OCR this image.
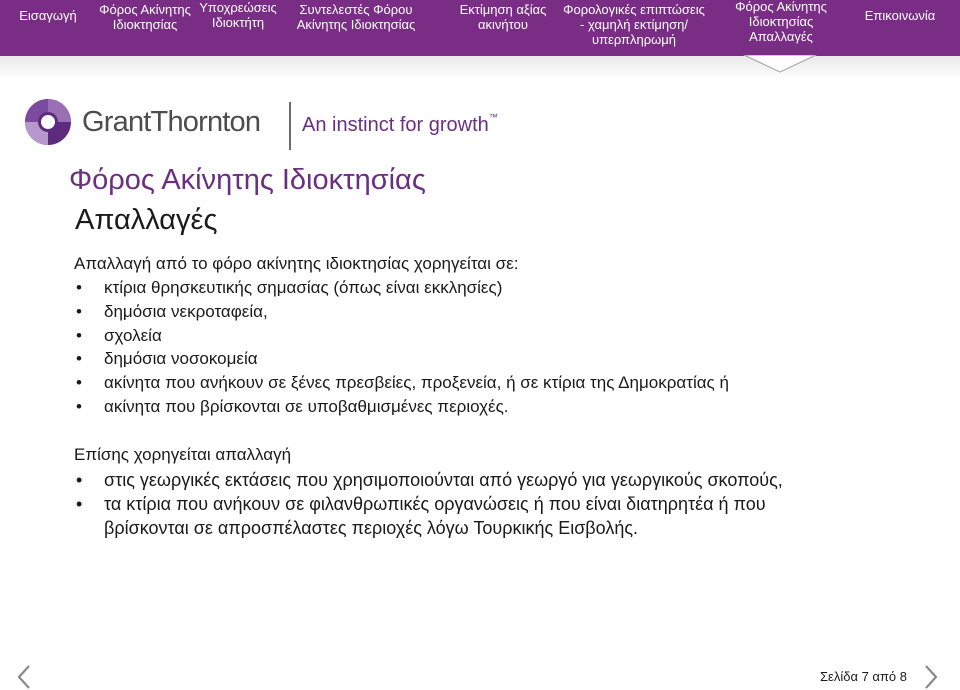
Εισαγωγή Φόρος Ακίνητης Ιδιοκτησίας
Υποχρεώσεις Ιδιοκτήτη
Συντελεστές Φόρου Ακίνητης Ιδιοκτησίας
Εκτίμηση αξίας ακινήτου
Φορολογικές επιπτώσεις - χαμηλή εκτίμηση/υπερπληρωμή
Φόρος Ακίνητης Ιδιοκτησίας Απαλλαγές
Επικοινωνία
GrantThornton An instinct for growth™
Φόρος Ακίνητης Ιδιοκτησίας
Απαλλαγές
Απαλλαγή από το φόρο ακίνητης ιδιοκτησίας χορηγείται σε:
• κτίρια θρησκευτικής σημασίας (όπως είναι εκκλησίες)
• δημόσια νεκροταφεία,
• σχολεία
• δημόσια νοσοκομεία
• ακίνητα που ανήκουν σε ξένες πρεσβείες, προξενεία, ή σε κτίρια της Δημοκρατίας ή
• ακίνητα που βρίσκονται σε υποβαθμισμένες περιοχές.
Επίσης χορηγείται απαλλαγή
• στις γεωργικές εκτάσεις που χρησιμοποιούνται από γεωργό για γεωργικούς σκοπούς,
• τα κτίρια που ανήκουν σε φιλανθρωπικές οργανώσεις ή που είναι διατηρητέα ή που
βρίσκονται σε απροσπέλαστες περιοχές λόγω Τουρκικής Εισβολής.
Σελίδα 7 από 8
